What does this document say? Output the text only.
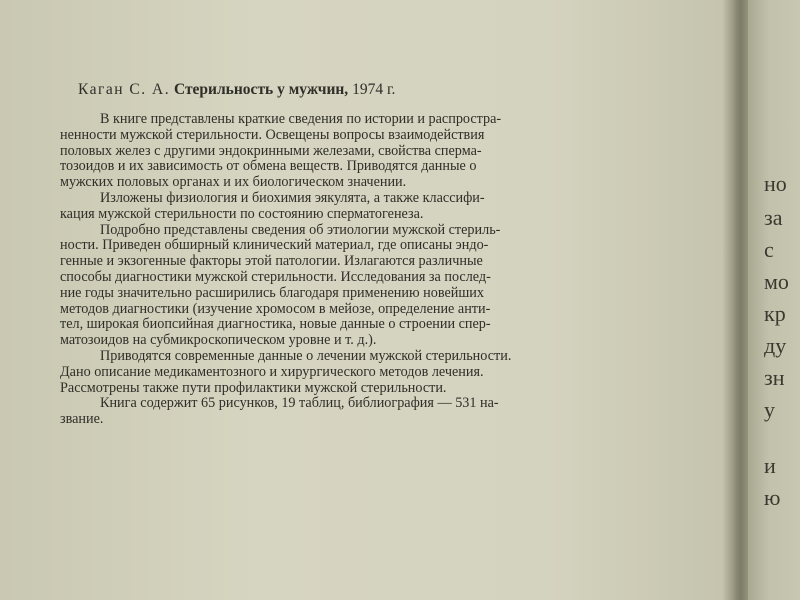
но
за
с
мо
кр
ду
зн
у
и
ю
Каган С. А. Стерильность у мужчин, 1974 г.
В книге представлены краткие сведения по истории и распростра-
ненности мужской стерильности. Освещены вопросы взаимодействия
половых желез с другими эндокринными железами, свойства сперма-
тозоидов и их зависимость от обмена веществ. Приводятся данные о
мужских половых органах и их биологическом значении.
Изложены физиология и биохимия эякулята, а также классифи-
кация мужской стерильности по состоянию сперматогенеза.
Подробно представлены сведения об этиологии мужской стериль-
ности. Приведен обширный клинический материал, где описаны эндо-
генные и экзогенные факторы этой патологии. Излагаются различные
способы диагностики мужской стерильности. Исследования за послед-
ние годы значительно расширились благодаря применению новейших
методов диагностики (изучение хромосом в мейозе, определение анти-
тел, широкая биопсийная диагностика, новые данные о строении спер-
матозоидов на субмикроскопическом уровне и т. д.).
Приводятся современные данные о лечении мужской стерильности.
Дано описание медикаментозного и хирургического методов лечения.
Рассмотрены также пути профилактики мужской стерильности.
Книга содержит 65 рисунков, 19 таблиц, библиография — 531 на-
звание.
